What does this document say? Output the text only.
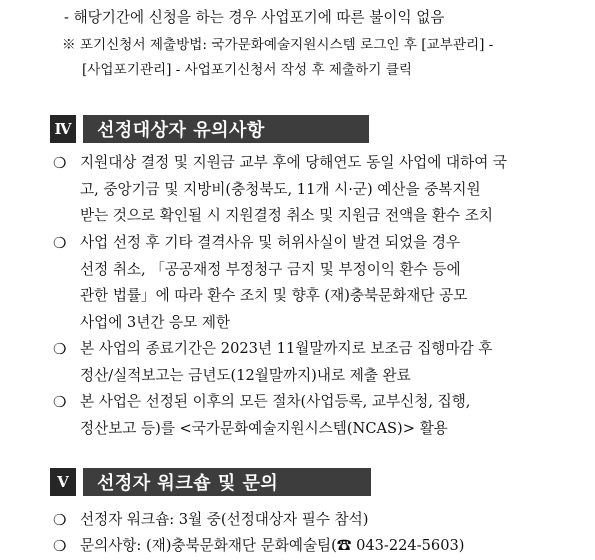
- 해당기간에 신청을 하는 경우 사업포기에 따른 불이익 없음
※ 포기신청서 제출방법: 국가문화예술지원시스템 로그인 후 [교부관리] -
[사업포기관리] - 사업포기신청서 작성 후 제출하기 클릭
Ⅳ	선정대상자 유의사항
❍ 지원대상 결정 및 지원금 교부 후에 당해연도 동일 사업에 대하여 국
고, 중앙기금 및 지방비(충청북도, 11개 시·군) 예산을 중복지원
받는 것으로 확인될 시 지원결정 취소 및 지원금 전액을 환수 조치
❍ 사업 선정 후 기타 결격사유 및 허위사실이 발견 되었을 경우
선정 취소, 「공공재정 부정청구 금지 및 부정이익 환수 등에
관한 법률」에 따라 환수 조치 및 향후 (재)충북문화재단 공모
사업에 3년간 응모 제한
❍ 본 사업의 종료기간은 2023년 11월말까지로 보조금 집행마감 후
정산/실적보고는 금년도(12월말까지)내로 제출 완료
❍ 본 사업은 선정된 이후의 모든 절차(사업등록, 교부신청, 집행,
정산보고 등)를 <국가문화예술지원시스템(NCAS)> 활용
Ⅴ	선정자 워크숍 및 문의
❍ 선정자 워크숍: 3월 중(선정대상자 필수 참석)
❍ 문의사항: (재)충북문화재단 문화예술팀(☎ 043-224-5603)
